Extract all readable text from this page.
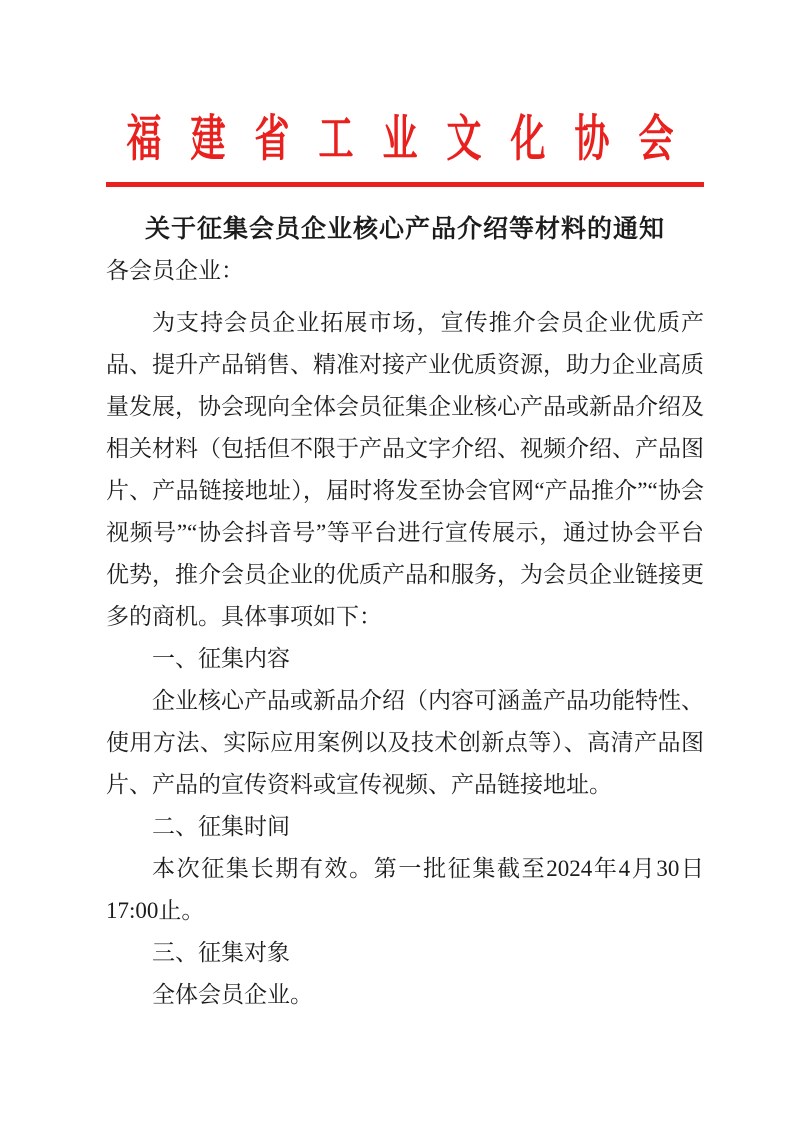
福建省工业文化协会
关于征集会员企业核心产品介绍等材料的通知

各会员企业：

为支持会员企业拓展市场，宣传推介会员企业优质产品、提升产品销售、精准对接产业优质资源，助力企业高质量发展，协会现向全体会员征集企业核心产品或新品介绍及相关材料（包括但不限于产品文字介绍、视频介绍、产品图片、产品链接地址），届时将发至协会官网“产品推介”“协会视频号”“协会抖音号”等平台进行宣传展示，通过协会平台优势，推介会员企业的优质产品和服务，为会员企业链接更多的商机。具体事项如下：

一、征集内容

企业核心产品或新品介绍（内容可涵盖产品功能特性、使用方法、实际应用案例以及技术创新点等）、高清产品图片、产品的宣传资料或宣传视频、产品链接地址。

二、征集时间

本次征集长期有效。第一批征集截至2024年4月30日17:00止。

三、征集对象

全体会员企业。
